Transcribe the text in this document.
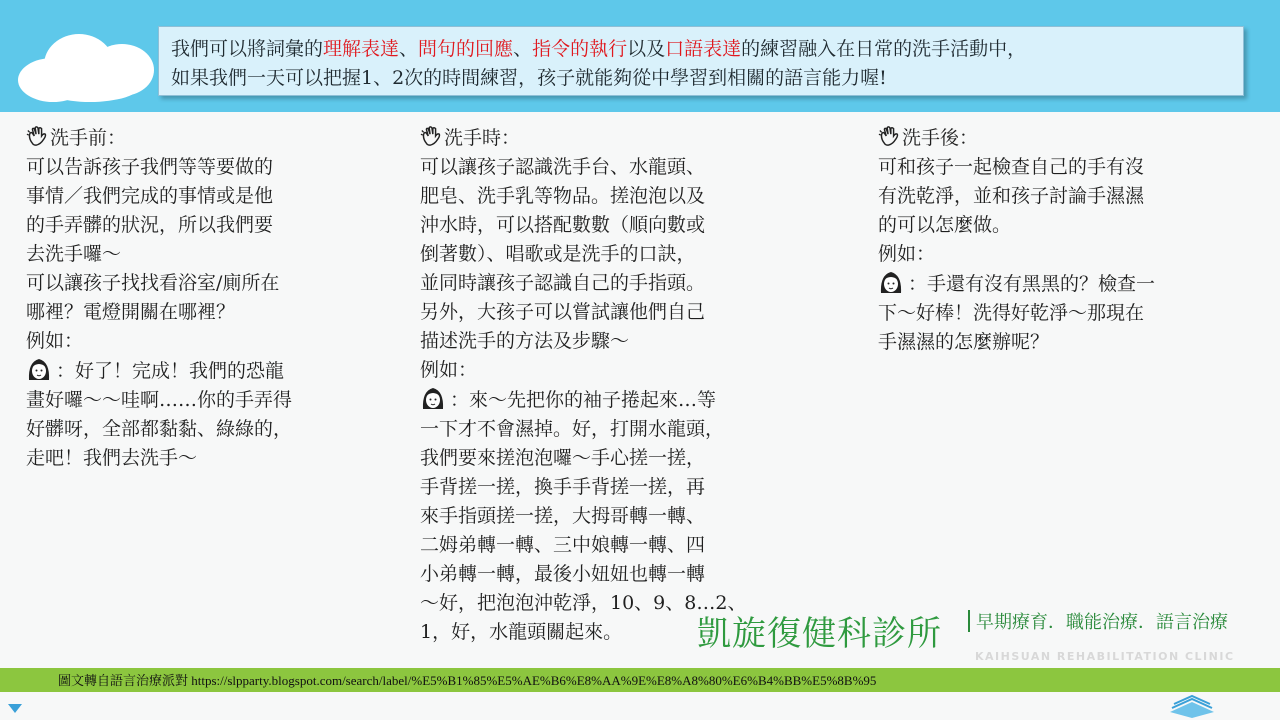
我們可以將詞彙的理解表達、問句的回應、指令的執行以及口語表達的練習融入在日常的洗手活動中，
如果我們一天可以把握1、2次的時間練習，孩子就能夠從中學習到相關的語言能力喔!

洗手前：

可以告訴孩子我們等等要做的

事情／我們完成的事情或是他

的手弄髒的狀況，所以我們要

去洗手囉～

可以讓孩子找找看浴室/廁所在

哪裡？電燈開關在哪裡？

例如：

：好了！完成！我們的恐龍

畫好囉～～哇啊……你的手弄得

好髒呀，全部都黏黏、綠綠的，

走吧！我們去洗手～

洗手時：

可以讓孩子認識洗手台、水龍頭、

肥皂、洗手乳等物品。搓泡泡以及

沖水時，可以搭配數數（順向數或

倒著數）、唱歌或是洗手的口訣，

並同時讓孩子認識自己的手指頭。

另外，大孩子可以嘗試讓他們自己

描述洗手的方法及步驟～

例如：

：來～先把你的袖子捲起來…等

一下才不會濕掉。好，打開水龍頭，

我們要來搓泡泡囉～手心搓一搓，

手背搓一搓，換手手背搓一搓，再

來手指頭搓一搓，大拇哥轉一轉、

二姆弟轉一轉、三中娘轉一轉、四

小弟轉一轉，最後小妞妞也轉一轉

～好，把泡泡沖乾淨，10、9、8…2、

1，好，水龍頭關起來。

洗手後：

可和孩子一起檢查自己的手有沒

有洗乾淨，並和孩子討論手濕濕

的可以怎麼做。

例如：

：手還有沒有黑黑的？檢查一

下～好棒！洗得好乾淨～那現在

手濕濕的怎麼辦呢？

凱旋復健科診所	早期療育．職能治療．語言治療
KAIHSUAN REHABILITATION CLINIC
圖文轉自語言治療派對 https://slpparty.blogspot.com/search/label/%E5%B1%85%E5%AE%B6%E8%AA%9E%E8%A8%80%E6%B4%BB%E5%8B%95
